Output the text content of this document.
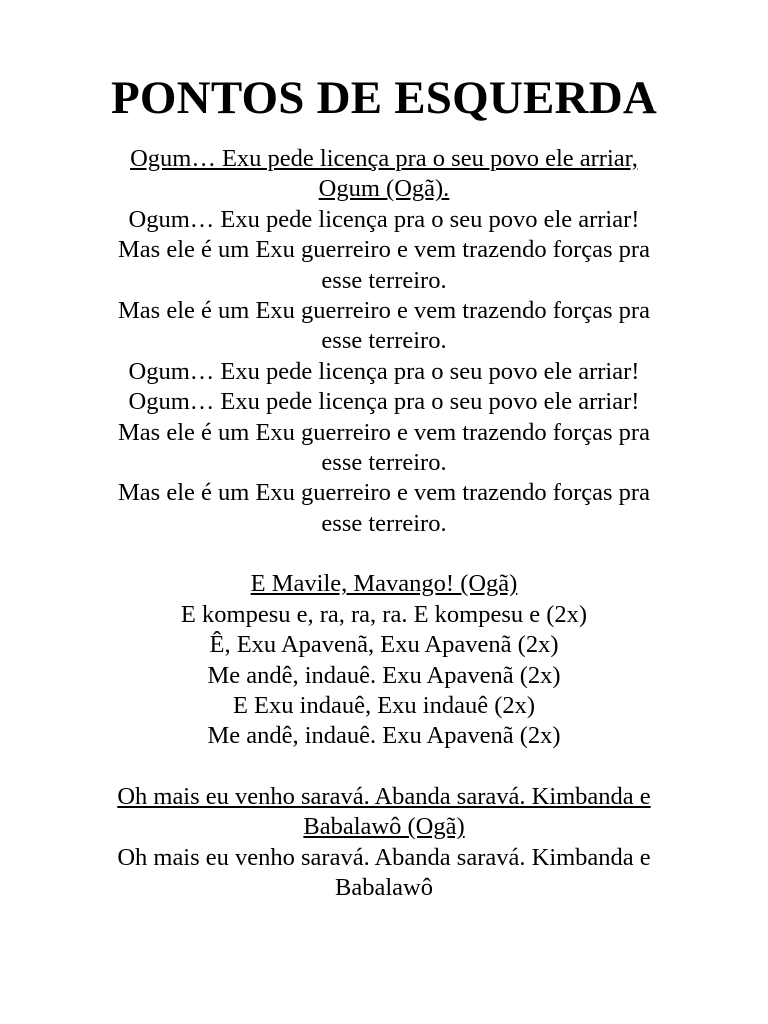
PONTOS DE ESQUERDA
Ogum… Exu pede licença pra o seu povo ele arriar,
Ogum (Ogã).
Ogum… Exu pede licença pra o seu povo ele arriar!
Mas ele é um Exu guerreiro e vem trazendo forças pra
esse terreiro.
Mas ele é um Exu guerreiro e vem trazendo forças pra
esse terreiro.
Ogum… Exu pede licença pra o seu povo ele arriar!
Ogum… Exu pede licença pra o seu povo ele arriar!
Mas ele é um Exu guerreiro e vem trazendo forças pra
esse terreiro.
Mas ele é um Exu guerreiro e vem trazendo forças pra
esse terreiro.
E Mavile, Mavango! (Ogã)
E kompesu e, ra, ra, ra. E kompesu e (2x)
Ê, Exu Apavenã, Exu Apavenã (2x)
Me andê, indauê. Exu Apavenã (2x)
E Exu indauê, Exu indauê (2x)
Me andê, indauê. Exu Apavenã (2x)
Oh mais eu venho saravá. Abanda saravá. Kimbanda e
Babalawô (Ogã)
Oh mais eu venho saravá. Abanda saravá. Kimbanda e
Babalawô
